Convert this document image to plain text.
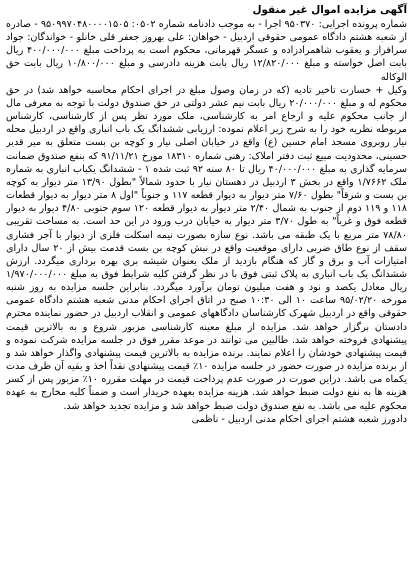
آگهی مزایده اموال غیر منقول
شماره پرونده اجرایی: ۹۵۰۳۷۰ اجرا - به موجب دادنامه شماره ۰۵۰۲: ۹۵۰۹۹۷۰۴۸۰۰۰۰۱۵۰۵ - صادره از شعبه هشتم دادگاه عمومی حقوقی اردبیل - خواهان: علی بهروز جعفر قلی خانلو - خواندگان: جواد سرافراز و یعقوب شاهمرادزاده و عسگر قهرمانی، محکوم است به پرداخت مبلغ ۴۰۰/۰۰۰/۰۰۰ ریال بابت اصل خواسته و مبلغ ۱۲/۸۲۰/۰۰۰ ریال بابت هزینه دادرسی و مبلغ ۱۰/۸۰۰/۰۰۰ ریال بابت حق الوکاله
وکیل + خسارت تاخیر تادیه (که در زمان وصول مبلغ در اجرای احکام محاسبه خواهد شد) در حق محکوم له و مبلغ ۲۰/۰۰۰/۰۰۰ ریال بابت نیم عشر دولتی در حق صندوق دولت با توجه به معرفی مال از جانب محکوم علیه و ارجاع امر به کارشناسی، ملک مورد نظر پس از کارشناسی، کارشناس مربوطه نظریه خود را به شرح زیر اعلام نموده: ارزیابی ششدانگ یک باب انباری واقع در اردبیل محله نیار روبروی مسجد امام حسین (ع) واقع در خیابان اصلی نیار و کوچه بن بست متعلق به میر قدیر حسینی، محدودیت مبیع ثبت دفتر املاک: رهنی شماره ۱۸۳۱۰ مورخ ۹۱/۱۱/۲۱ که بنفع صندوق ضمانت سرمایه گذاری به مبلغ ۴۰/۰۰۰/۰۰۰ ریال تا ۸۰ سنه ۹۲ ثبت شده ۱ - ششدانگ یکباب انباری به شماره ملک ۱/۷۶۶۲ واقع در بخش ۳ اردبیل در دهستان نیار با حدود شمالاً "بطول ۱۳/۹۰ متر دیوار به کوچه بن بست و شرقاً" بطول ۷/۶۰ متر دیوار به دیوار قطعه ۱۱۷ و جنوباً "اول ۸ متر دیوار به دیوار قطعات ۱۱۸ و ۱۱۹ دوم از جنوب به شمال ۲/۴۰ متر دیوار به دیوار قطعه ۱۲۰ سوم جنوبی ۴/۸۰ دیوار به دیوار قطعه فوق و غرباً" به طول ۳/۷۰ متر دیوار به خیابان درب ورود در این حد است. به مساحت تقریبی ۷۸/۸۰ متر مربع با یک طبقه می باشد. نوع سازه بصورت نیمه اسکلت فلزی از دیوار با آجر فشاری سقف از نوع طاق ضربی دارای موقعیت واقع در نبش کوچه بن بست قدمت بیش از ۲۰ سال دارای امتیازات آب و برق و گاز که هنگام بازدید از ملک بعنوان شیشه بری بهره برداری میگردد. ارزش ششدانگ یک باب انباری به پلاک ثبتی فوق با در نظر گرفتن کلیه شرایط فوق به مبلغ ۱/۹۷۰/۰۰۰/۰۰۰ ریال معادل یکصد و نود و هفت میلیون تومان برآورد میگردد. بنابراین جلسه مزایده به روز شنبه مورخه ۹۵/۰۲/۲۰ ساعت ۱۰ الی ۱۰:۳۰ صبح در اتاق اجرای احکام مدنی شعبه هشتم دادگاه عمومی حقوقی واقع در اردبیل شهرک کارشناسان دادگاههای عمومی و انقلاب اردبیل در حضور نماینده محترم دادستان برگزار خواهد شد. مزایده از مبلغ معینه کارشناسی مزبور شروع و به بالاترین قیمت پیشنهادی فروخته خواهد شد. طالبین می توانند در موعد مقرر فوق در جلسه مزایده شرکت نموده و قیمت پیشنهادی خودشان را اعلام نمایند. برنده مزایده به بالاترین قیمت پیشنهادی واگذار خواهد شد و از برنده مزایده در صورت حضور در جلسه مزایده ۱۰٪ قیمت پیشنهادی نقداً اخذ و بقیه آن ظرف مدت یکماه می باشد. دراین صورت در صورت عدم پرداخت قیمت در مهلت مقرره ۱۰٪ مزبور پس از کسر هزینه ها به نفع دولت ضبط خواهد شد. هزینه مزایده بعهده خریدار است و ضمناً کلیه مخارج به عهده محکوم علیه می باشد. به نفع صندوق دولت ضبط خواهد شد و مزایده تجدید خواهد شد.
دادورز شعبه هشتم اجرای احکام مدنی اردبیل - ناظمی
